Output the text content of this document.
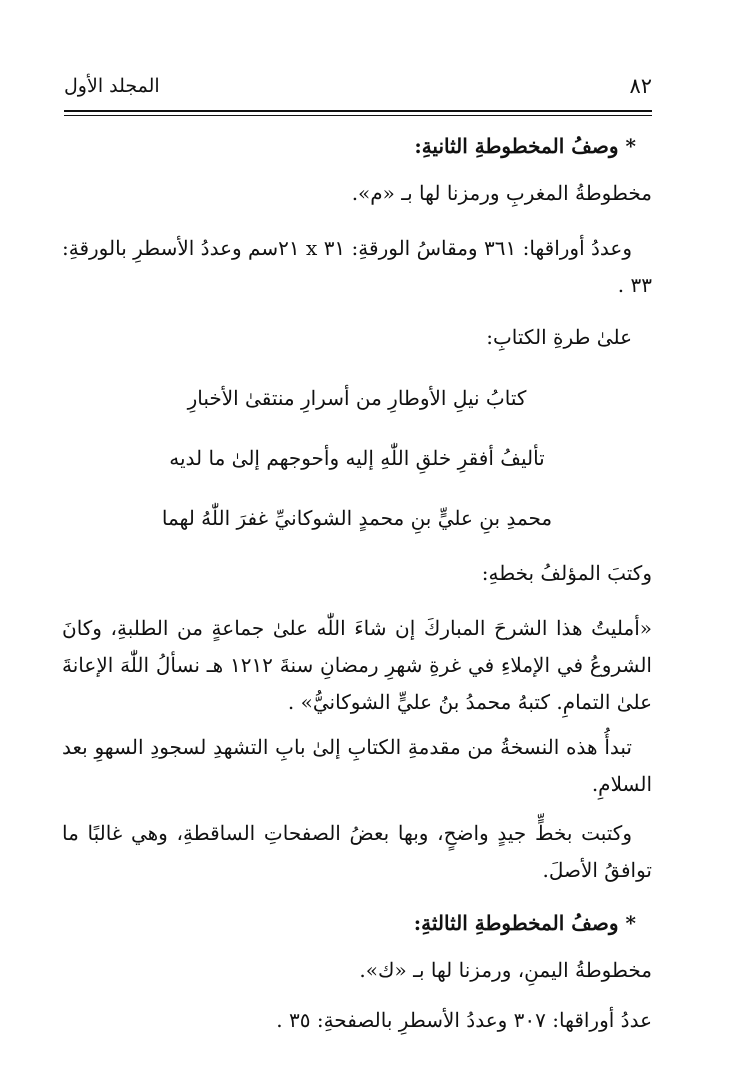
٨٢
المجلد الأول

* وصفُ المخطوطةِ الثانيةِ:

مخطوطةُ المغربِ ورمزنا لها بـ «م».

وعددُ أوراقها: ٣٦١ ومقاسُ الورقةِ: ٣١ x ٢١سم وعددُ الأسطرِ بالورقةِ: ٣٣ .

علىٰ طرةِ الكتابِ:

كتابُ نيلِ الأوطارِ من أسرارِ منتقىٰ الأخبارِ

تأليفُ أفقرِ خلقِ اللّٰهِ إليه وأحوجهم إلىٰ ما لديه

محمدِ بنِ عليٍّ بنِ محمدٍ الشوكانيِّ غفرَ اللّٰهُ لهما

وكتبَ المؤلفُ بخطهِ:

«أمليتُ هذا الشرحَ المباركَ إن شاءَ اللّٰه علىٰ جماعةٍ من الطلبةِ، وكانَ الشروعُ في الإملاءِ في غرةِ شهرِ رمضانِ سنةَ ١٢١٢ هـ نسألُ اللّٰهَ الإعانةَ علىٰ التمامِ. كتبهُ محمدُ بنُ عليٍّ الشوكانيُّ» .

تبدأُ هذه النسخةُ من مقدمةِ الكتابِ إلىٰ بابِ التشهدِ لسجودِ السهوِ بعد السلامِ.

وكتبت بخطٍّ جيدٍ واضحٍ، وبها بعضُ الصفحاتِ الساقطةِ، وهي غالبًا ما توافقُ الأصلَ.

* وصفُ المخطوطةِ الثالثةِ:

مخطوطةُ اليمنِ، ورمزنا لها بـ «ك».

عددُ أوراقها: ٣٠٧ وعددُ الأسطرِ بالصفحةِ: ٣٥ .
